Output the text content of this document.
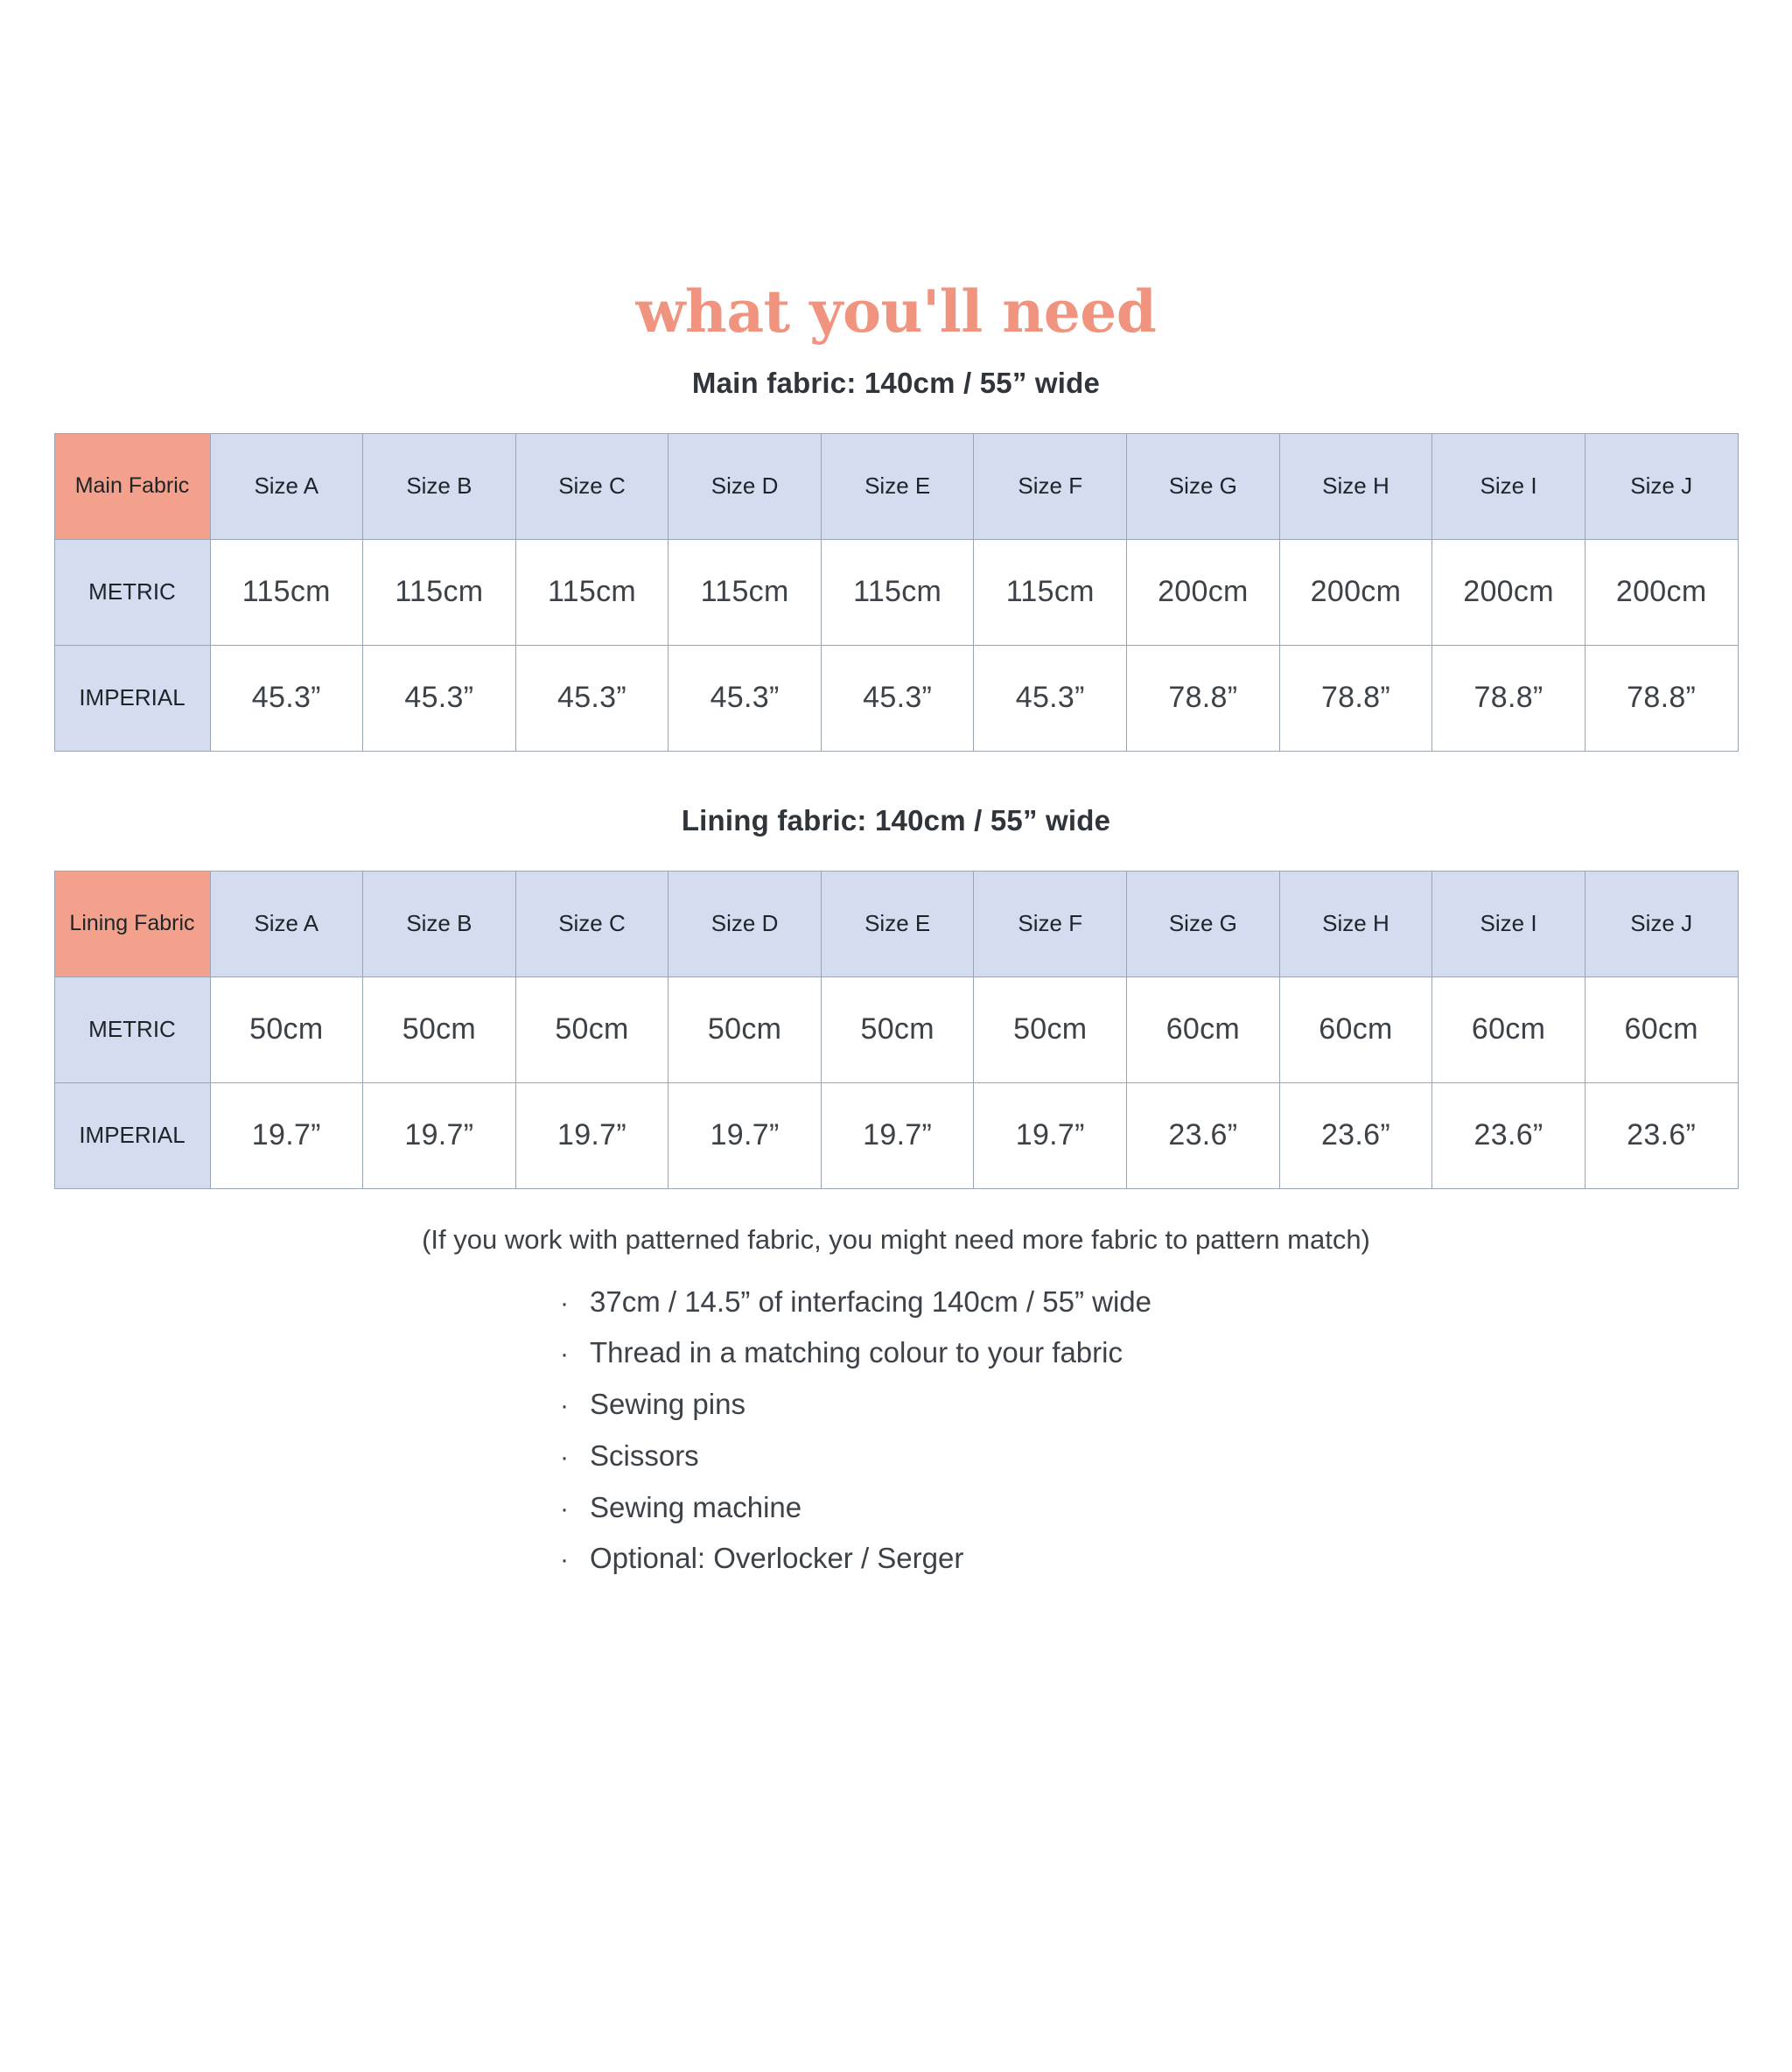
what you'll need
Main fabric: 140cm / 55” wide
Main Fabric	Size A	Size B	Size C	Size D	Size E	Size F	Size G	Size H	Size I	Size J
METRIC	115cm	115cm	115cm	115cm	115cm	115cm	200cm	200cm	200cm	200cm
IMPERIAL	45.3”	45.3”	45.3”	45.3”	45.3”	45.3”	78.8”	78.8”	78.8”	78.8”
Lining fabric: 140cm / 55” wide
Lining Fabric	Size A	Size B	Size C	Size D	Size E	Size F	Size G	Size H	Size I	Size J
METRIC	50cm	50cm	50cm	50cm	50cm	50cm	60cm	60cm	60cm	60cm
IMPERIAL	19.7”	19.7”	19.7”	19.7”	19.7”	19.7”	23.6”	23.6”	23.6”	23.6”
(If you work with patterned fabric, you might need more fabric to pattern match)
· 37cm / 14.5” of interfacing 140cm / 55” wide
· Thread in a matching colour to your fabric
· Sewing pins
· Scissors
· Sewing machine
· Optional: Overlocker / Serger
